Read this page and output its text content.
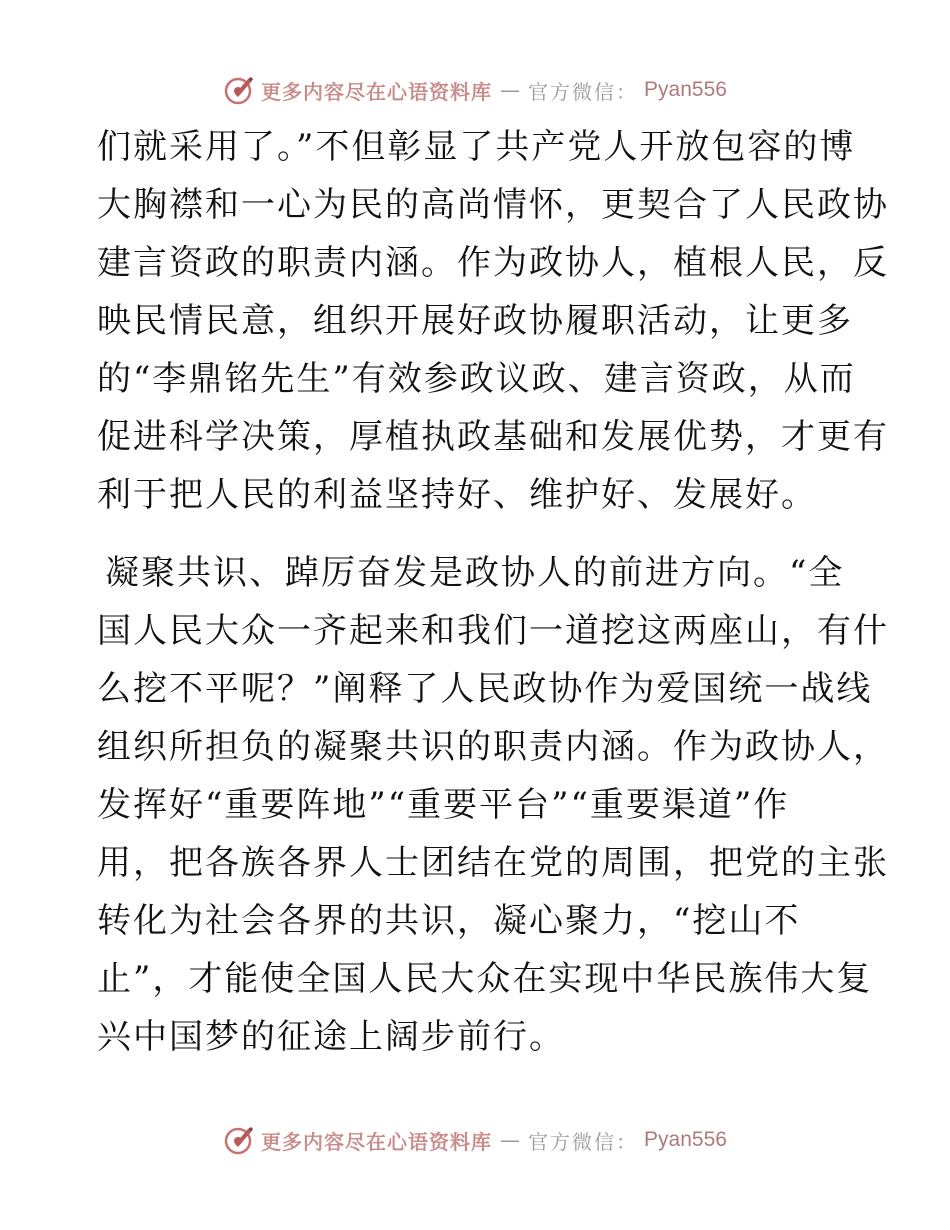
更多内容尽在心语资料库 — 官方微信： Pyan556
们就采用了。”不但彰显了共产党人开放包容的博
大胸襟和一心为民的高尚情怀，更契合了人民政协
建言资政的职责内涵。作为政协人，植根人民，反
映民情民意，组织开展好政协履职活动，让更多
的“李鼎铭先生”有效参政议政、建言资政，从而
促进科学决策，厚植执政基础和发展优势，才更有
利于把人民的利益坚持好、维护好、发展好。
凝聚共识、踔厉奋发是政协人的前进方向。“全
国人民大众一齐起来和我们一道挖这两座山，有什
么挖不平呢？”阐释了人民政协作为爱国统一战线
组织所担负的凝聚共识的职责内涵。作为政协人，
发挥好“重要阵地”“重要平台”“重要渠道”作
用，把各族各界人士团结在党的周围，把党的主张
转化为社会各界的共识，凝心聚力，“挖山不
止”，才能使全国人民大众在实现中华民族伟大复
兴中国梦的征途上阔步前行。
更多内容尽在心语资料库 — 官方微信： Pyan556
